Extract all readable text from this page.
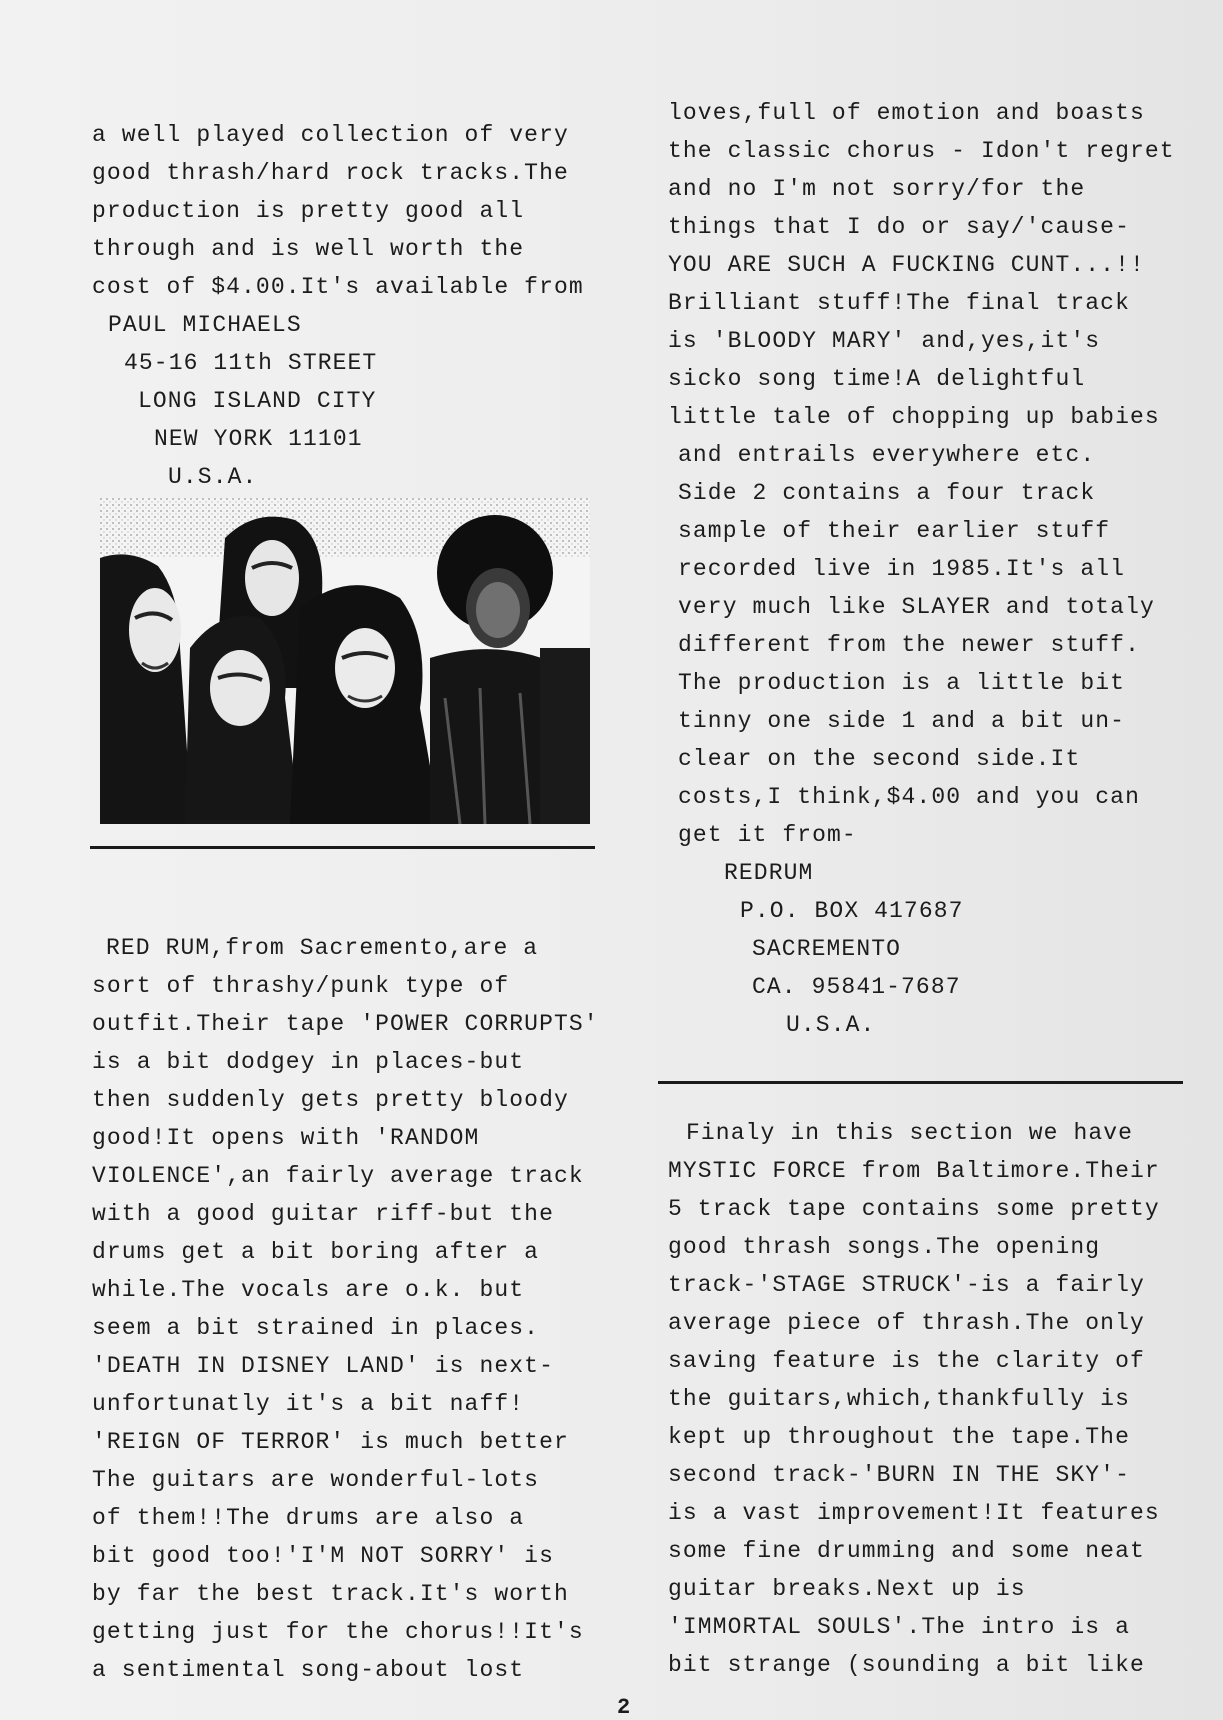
a well played collection of very
good thrash/hard rock tracks.The
production is pretty good all
through and is well worth the
cost of $4.00.It's available from
PAUL MICHAELS
45-16 11th STREET
LONG ISLAND CITY
NEW YORK 11101
U.S.A.
RED RUM,from Sacremento,are a
sort of thrashy/punk type of
outfit.Their tape 'POWER CORRUPTS'
is a bit dodgey in places-but
then suddenly gets pretty bloody
good!It opens with 'RANDOM
VIOLENCE',an fairly average track
with a good guitar riff-but the
drums get a bit boring after a
while.The vocals are o.k. but
seem a bit strained in places.
'DEATH IN DISNEY LAND' is next-
unfortunatly it's a bit naff!
'REIGN OF TERROR' is much better
The guitars are wonderful-lots
of them!!The drums are also a
bit good too!'I'M NOT SORRY' is
by far the best track.It's worth
getting just for the chorus!!It's
a sentimental song-about lost
loves,full of emotion and boasts
the classic chorus - Idon't regret
and no I'm not sorry/for the
things that I do or say/'cause-
YOU ARE SUCH A FUCKING CUNT...!!
Brilliant stuff!The final track
is 'BLOODY MARY' and,yes,it's
sicko song time!A delightful
little tale of chopping up babies
and entrails everywhere etc.
Side 2 contains a four track
sample of their earlier stuff
recorded live in 1985.It's all
very much like SLAYER and totaly
different from the newer stuff.
The production is a little bit
tinny one side 1 and a bit un-
clear on the second side.It
costs,I think,$4.00 and you can
get it from-
REDRUM
P.O. BOX 417687
SACREMENTO
CA. 95841-7687
U.S.A.
Finaly in this section we have
MYSTIC FORCE from Baltimore.Their
5 track tape contains some pretty
good thrash songs.The opening
track-'STAGE STRUCK'-is a fairly
average piece of thrash.The only
saving feature is the clarity of
the guitars,which,thankfully is
kept up throughout the tape.The
second track-'BURN IN THE SKY'-
is a vast improvement!It features
some fine drumming and some neat
guitar breaks.Next up is
'IMMORTAL SOULS'.The intro is a
bit strange (sounding a bit like
2
